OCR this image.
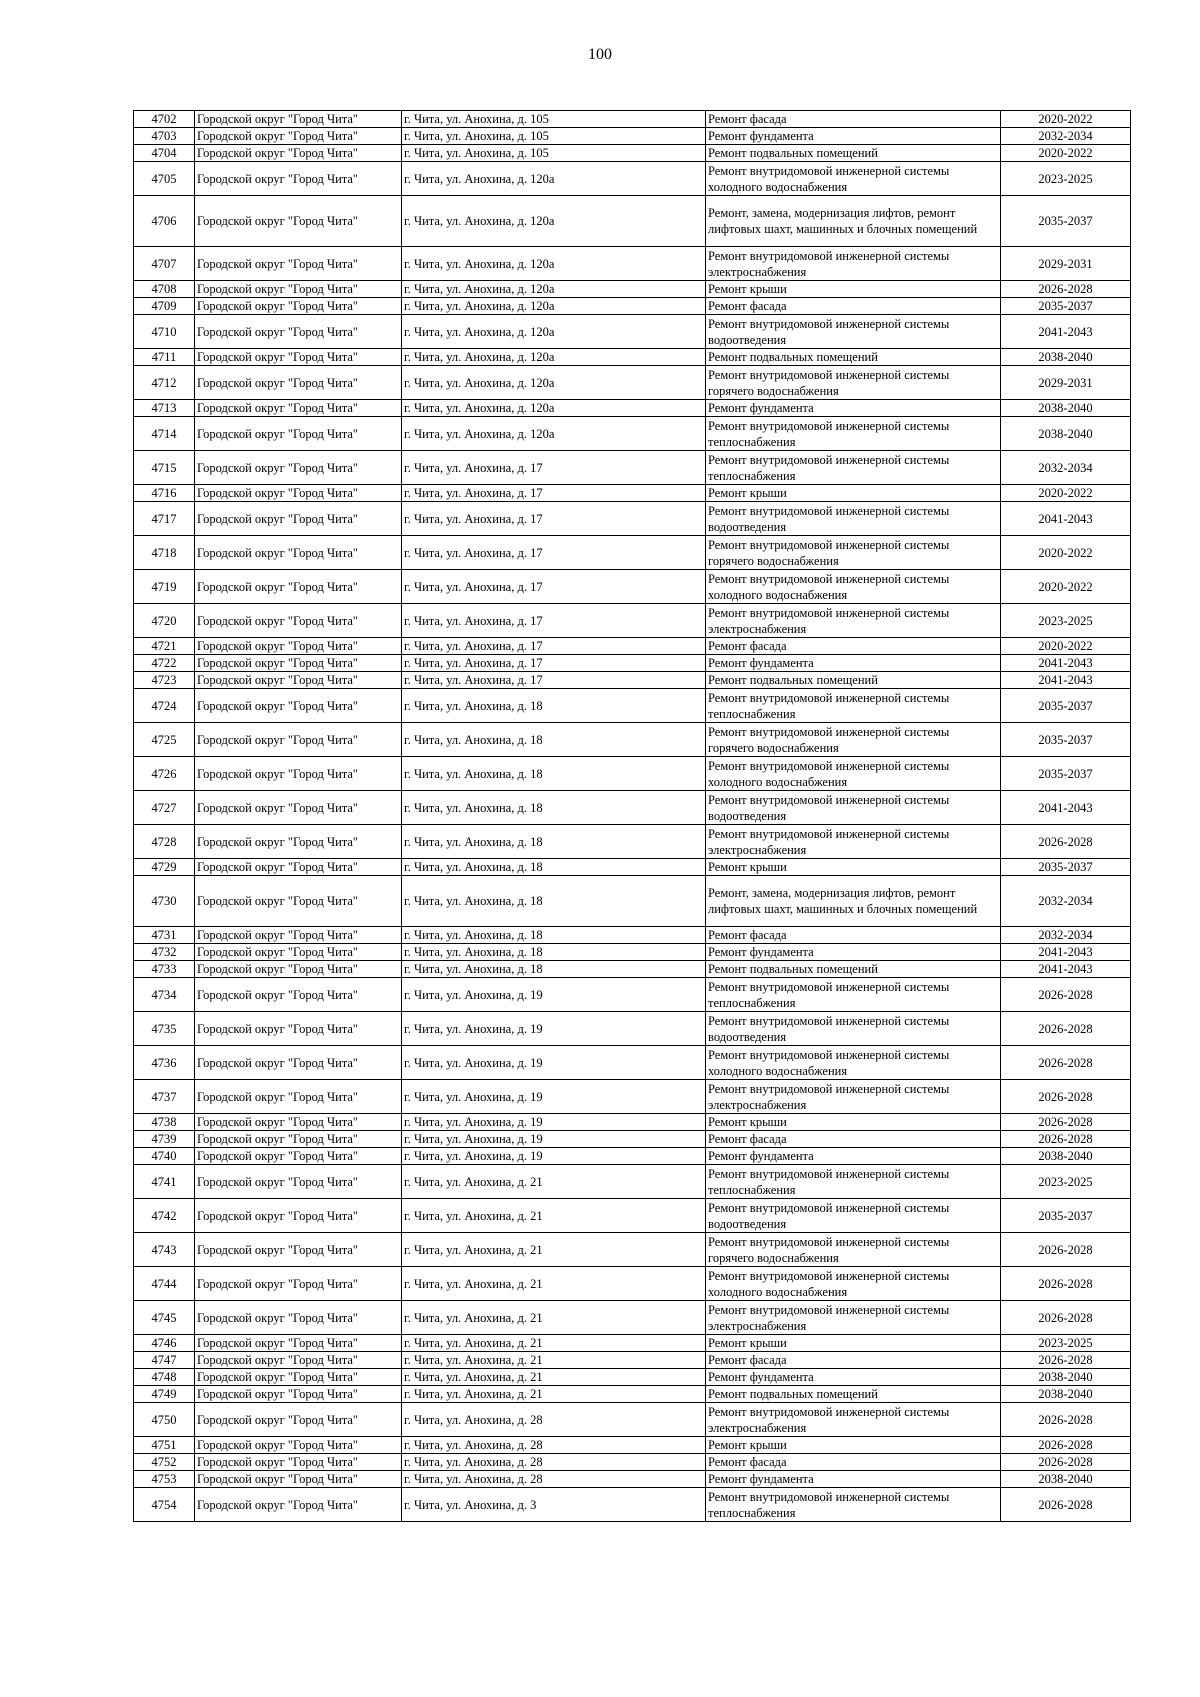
100
4702	Городской округ "Город Чита"	г. Чита, ул. Анохина, д. 105	Ремонт фасада	2020-2022
4703	Городской округ "Город Чита"	г. Чита, ул. Анохина, д. 105	Ремонт фундамента	2032-2034
4704	Городской округ "Город Чита"	г. Чита, ул. Анохина, д. 105	Ремонт подвальных помещений	2020-2022
4705	Городской округ "Город Чита"	г. Чита, ул. Анохина, д. 120а	Ремонт внутридомовой инженерной системы холодного водоснабжения	2023-2025
4706	Городской округ "Город Чита"	г. Чита, ул. Анохина, д. 120а	Ремонт, замена, модернизация лифтов, ремонт лифтовых шахт, машинных и блочных помещений	2035-2037
4707	Городской округ "Город Чита"	г. Чита, ул. Анохина, д. 120а	Ремонт внутридомовой инженерной системы электроснабжения	2029-2031
4708	Городской округ "Город Чита"	г. Чита, ул. Анохина, д. 120а	Ремонт крыши	2026-2028
4709	Городской округ "Город Чита"	г. Чита, ул. Анохина, д. 120а	Ремонт фасада	2035-2037
4710	Городской округ "Город Чита"	г. Чита, ул. Анохина, д. 120а	Ремонт внутридомовой инженерной системы водоотведения	2041-2043
4711	Городской округ "Город Чита"	г. Чита, ул. Анохина, д. 120а	Ремонт подвальных помещений	2038-2040
4712	Городской округ "Город Чита"	г. Чита, ул. Анохина, д. 120а	Ремонт внутридомовой инженерной системы горячего водоснабжения	2029-2031
4713	Городской округ "Город Чита"	г. Чита, ул. Анохина, д. 120а	Ремонт фундамента	2038-2040
4714	Городской округ "Город Чита"	г. Чита, ул. Анохина, д. 120а	Ремонт внутридомовой инженерной системы теплоснабжения	2038-2040
4715	Городской округ "Город Чита"	г. Чита, ул. Анохина, д. 17	Ремонт внутридомовой инженерной системы теплоснабжения	2032-2034
4716	Городской округ "Город Чита"	г. Чита, ул. Анохина, д. 17	Ремонт крыши	2020-2022
4717	Городской округ "Город Чита"	г. Чита, ул. Анохина, д. 17	Ремонт внутридомовой инженерной системы водоотведения	2041-2043
4718	Городской округ "Город Чита"	г. Чита, ул. Анохина, д. 17	Ремонт внутридомовой инженерной системы горячего водоснабжения	2020-2022
4719	Городской округ "Город Чита"	г. Чита, ул. Анохина, д. 17	Ремонт внутридомовой инженерной системы холодного водоснабжения	2020-2022
4720	Городской округ "Город Чита"	г. Чита, ул. Анохина, д. 17	Ремонт внутридомовой инженерной системы электроснабжения	2023-2025
4721	Городской округ "Город Чита"	г. Чита, ул. Анохина, д. 17	Ремонт фасада	2020-2022
4722	Городской округ "Город Чита"	г. Чита, ул. Анохина, д. 17	Ремонт фундамента	2041-2043
4723	Городской округ "Город Чита"	г. Чита, ул. Анохина, д. 17	Ремонт подвальных помещений	2041-2043
4724	Городской округ "Город Чита"	г. Чита, ул. Анохина, д. 18	Ремонт внутридомовой инженерной системы теплоснабжения	2035-2037
4725	Городской округ "Город Чита"	г. Чита, ул. Анохина, д. 18	Ремонт внутридомовой инженерной системы горячего водоснабжения	2035-2037
4726	Городской округ "Город Чита"	г. Чита, ул. Анохина, д. 18	Ремонт внутридомовой инженерной системы холодного водоснабжения	2035-2037
4727	Городской округ "Город Чита"	г. Чита, ул. Анохина, д. 18	Ремонт внутридомовой инженерной системы водоотведения	2041-2043
4728	Городской округ "Город Чита"	г. Чита, ул. Анохина, д. 18	Ремонт внутридомовой инженерной системы электроснабжения	2026-2028
4729	Городской округ "Город Чита"	г. Чита, ул. Анохина, д. 18	Ремонт крыши	2035-2037
4730	Городской округ "Город Чита"	г. Чита, ул. Анохина, д. 18	Ремонт, замена, модернизация лифтов, ремонт лифтовых шахт, машинных и блочных помещений	2032-2034
4731	Городской округ "Город Чита"	г. Чита, ул. Анохина, д. 18	Ремонт фасада	2032-2034
4732	Городской округ "Город Чита"	г. Чита, ул. Анохина, д. 18	Ремонт фундамента	2041-2043
4733	Городской округ "Город Чита"	г. Чита, ул. Анохина, д. 18	Ремонт подвальных помещений	2041-2043
4734	Городской округ "Город Чита"	г. Чита, ул. Анохина, д. 19	Ремонт внутридомовой инженерной системы теплоснабжения	2026-2028
4735	Городской округ "Город Чита"	г. Чита, ул. Анохина, д. 19	Ремонт внутридомовой инженерной системы водоотведения	2026-2028
4736	Городской округ "Город Чита"	г. Чита, ул. Анохина, д. 19	Ремонт внутридомовой инженерной системы холодного водоснабжения	2026-2028
4737	Городской округ "Город Чита"	г. Чита, ул. Анохина, д. 19	Ремонт внутридомовой инженерной системы электроснабжения	2026-2028
4738	Городской округ "Город Чита"	г. Чита, ул. Анохина, д. 19	Ремонт крыши	2026-2028
4739	Городской округ "Город Чита"	г. Чита, ул. Анохина, д. 19	Ремонт фасада	2026-2028
4740	Городской округ "Город Чита"	г. Чита, ул. Анохина, д. 19	Ремонт фундамента	2038-2040
4741	Городской округ "Город Чита"	г. Чита, ул. Анохина, д. 21	Ремонт внутридомовой инженерной системы теплоснабжения	2023-2025
4742	Городской округ "Город Чита"	г. Чита, ул. Анохина, д. 21	Ремонт внутридомовой инженерной системы водоотведения	2035-2037
4743	Городской округ "Город Чита"	г. Чита, ул. Анохина, д. 21	Ремонт внутридомовой инженерной системы горячего водоснабжения	2026-2028
4744	Городской округ "Город Чита"	г. Чита, ул. Анохина, д. 21	Ремонт внутридомовой инженерной системы холодного водоснабжения	2026-2028
4745	Городской округ "Город Чита"	г. Чита, ул. Анохина, д. 21	Ремонт внутридомовой инженерной системы электроснабжения	2026-2028
4746	Городской округ "Город Чита"	г. Чита, ул. Анохина, д. 21	Ремонт крыши	2023-2025
4747	Городской округ "Город Чита"	г. Чита, ул. Анохина, д. 21	Ремонт фасада	2026-2028
4748	Городской округ "Город Чита"	г. Чита, ул. Анохина, д. 21	Ремонт фундамента	2038-2040
4749	Городской округ "Город Чита"	г. Чита, ул. Анохина, д. 21	Ремонт подвальных помещений	2038-2040
4750	Городской округ "Город Чита"	г. Чита, ул. Анохина, д. 28	Ремонт внутридомовой инженерной системы электроснабжения	2026-2028
4751	Городской округ "Город Чита"	г. Чита, ул. Анохина, д. 28	Ремонт крыши	2026-2028
4752	Городской округ "Город Чита"	г. Чита, ул. Анохина, д. 28	Ремонт фасада	2026-2028
4753	Городской округ "Город Чита"	г. Чита, ул. Анохина, д. 28	Ремонт фундамента	2038-2040
4754	Городской округ "Город Чита"	г. Чита, ул. Анохина, д. 3	Ремонт внутридомовой инженерной системы теплоснабжения	2026-2028
